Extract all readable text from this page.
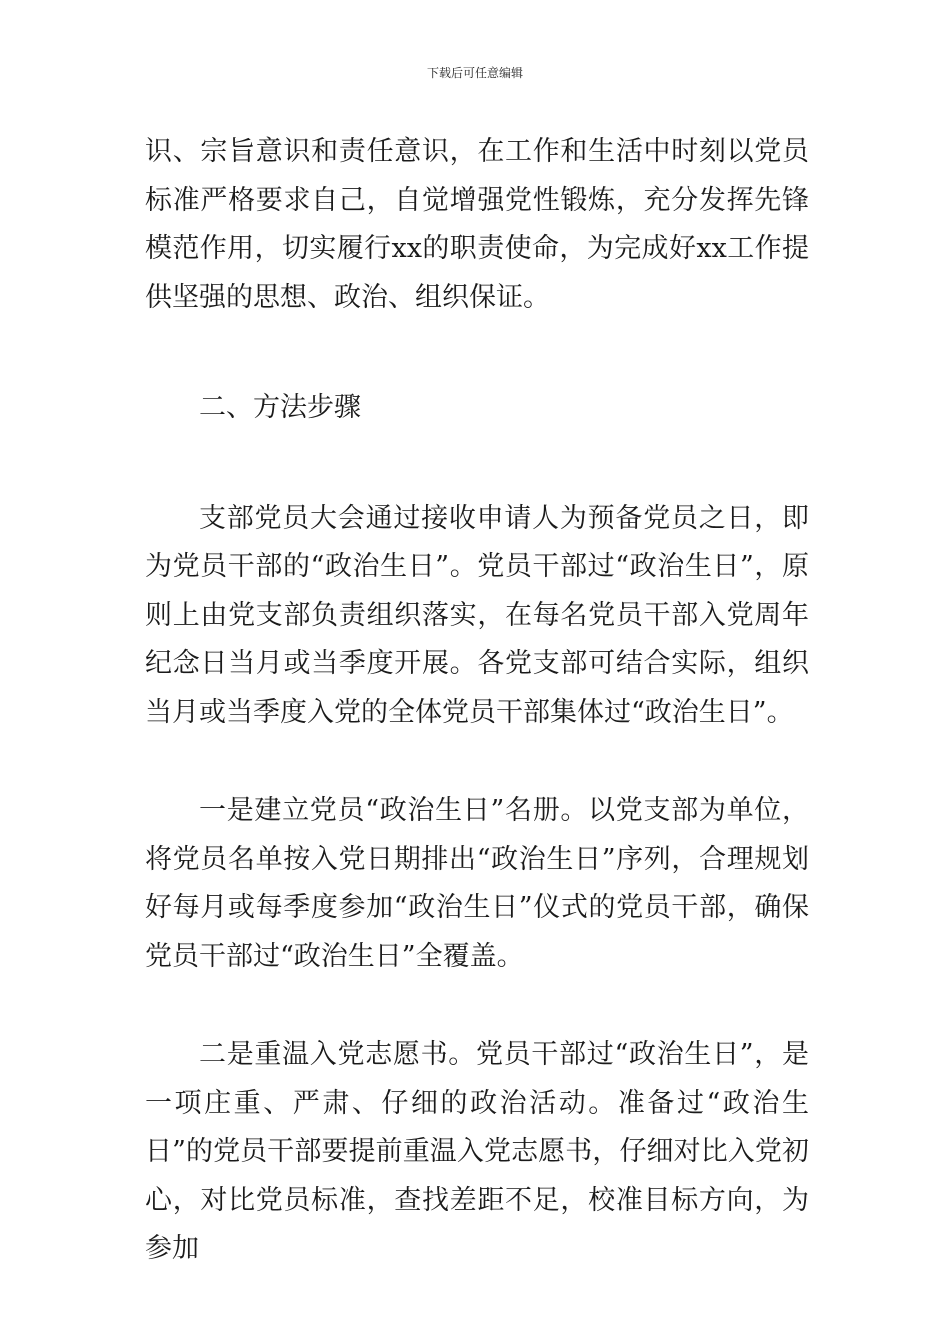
下载后可任意编辑

识、宗旨意识和责任意识，在工作和生活中时刻以党员标准严格要求自己，自觉增强党性锻炼，充分发挥先锋模范作用，切实履行xx的职责使命，为完成好xx工作提供坚强的思想、政治、组织保证。

二、方法步骤

支部党员大会通过接收申请人为预备党员之日，即为党员干部的“政治生日”。党员干部过“政治生日”，原则上由党支部负责组织落实，在每名党员干部入党周年纪念日当月或当季度开展。各党支部可结合实际，组织当月或当季度入党的全体党员干部集体过“政治生日”。

一是建立党员“政治生日”名册。以党支部为单位，将党员名单按入党日期排出“政治生日”序列，合理规划好每月或每季度参加“政治生日”仪式的党员干部，确保党员干部过“政治生日”全覆盖。

二是重温入党志愿书。党员干部过“政治生日”，是一项庄重、严肃、仔细的政治活动。准备过“政治生日”的党员干部要提前重温入党志愿书，仔细对比入党初心，对比党员标准，查找差距不足，校准目标方向，为参加
